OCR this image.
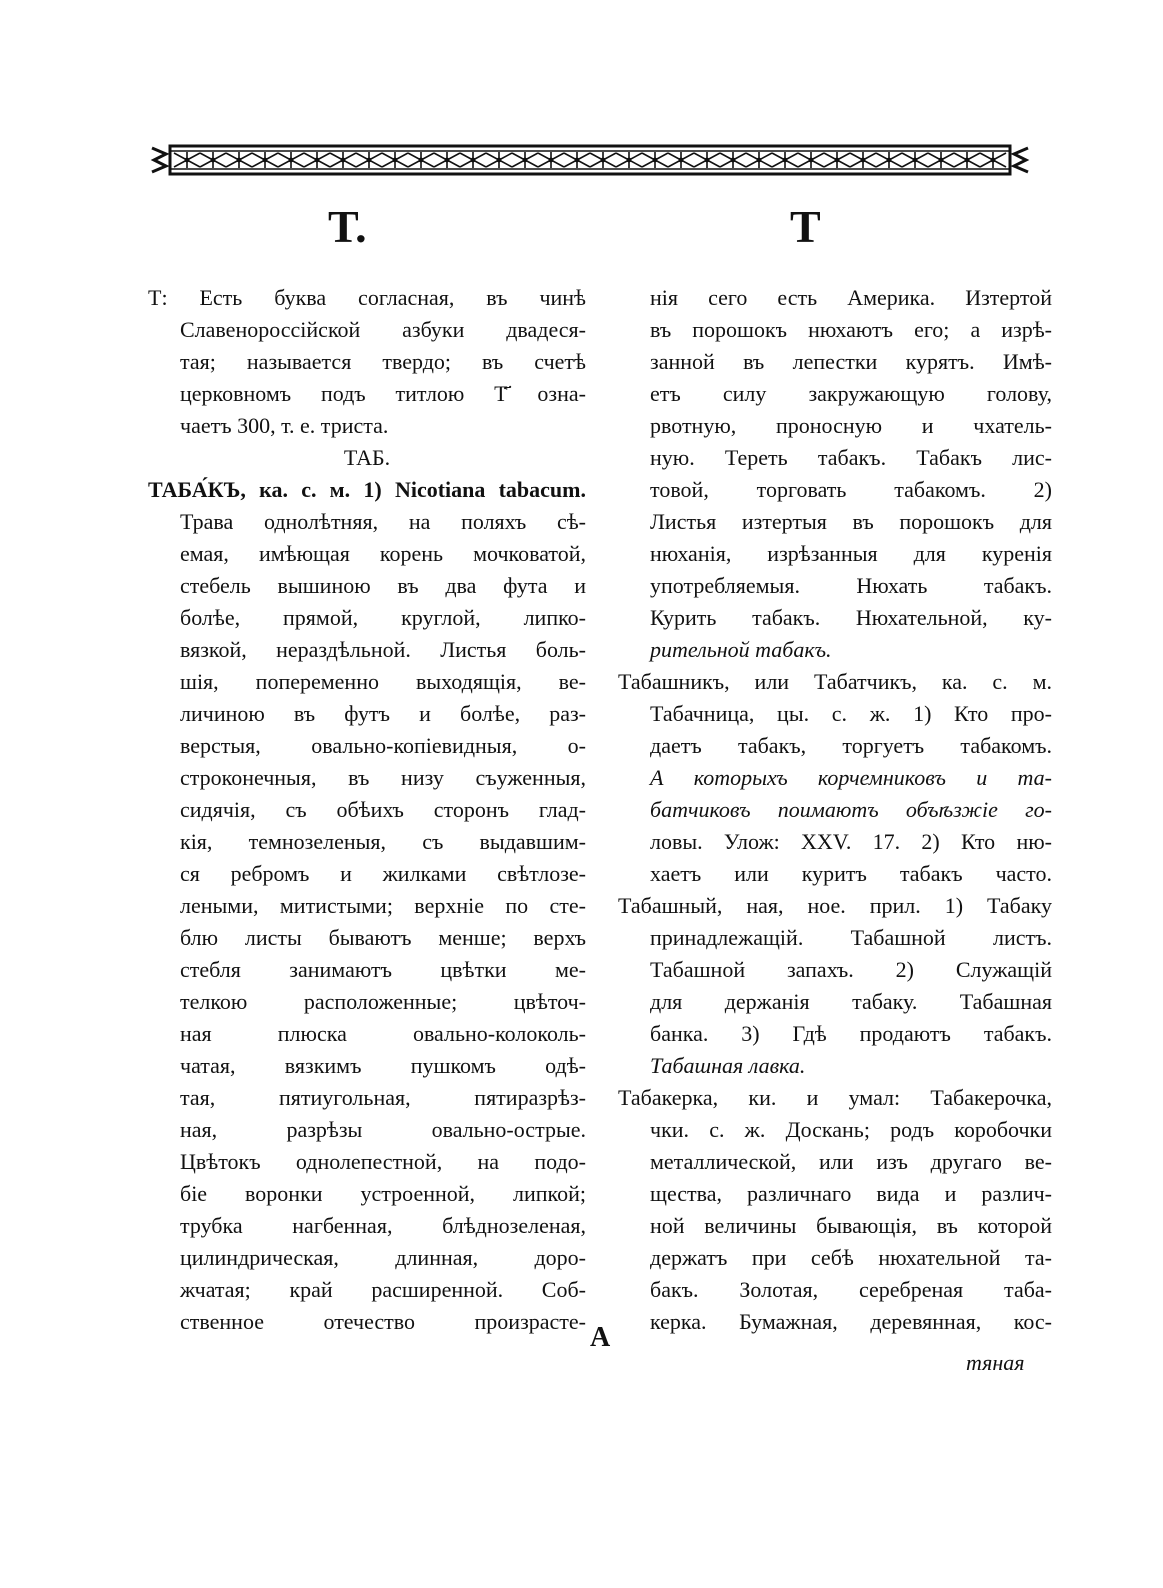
Т.	Т
Т: Есть буква согласная, въ чинѣ
Славенороссійской азбуки двадеся-
тая; называется твердо; въ счетѣ
церковномъ подъ титлою Т҃ озна-
чаетъ 300, т. е. триста.
ТАБ.
ТАБА́КЪ, ка. с. м. 1) Nicotiana tabacum.
Трава однолѣтняя, на поляхъ сѣ-
емая, имѣющая корень мочковатой,
стебель вышиною въ два фута и
болѣе, прямой, круглой, липко-
вязкой, нераздѣльной. Листья боль-
шія, попеременно выходящія, ве-
личиною въ футъ и болѣе, раз-
верстыя, овально-копіевидныя, о-
строконечныя, въ низу съуженныя,
сидячія, съ обѣихъ сторонъ глад-
кія, темнозеленыя, съ выдавшим-
ся ребромъ и жилками свѣтлозе-
леными, митистыми; верхніе по сте-
блю листы бываютъ менше; верхъ
стебля занимаютъ цвѣтки ме-
телкою расположенные; цвѣточ-
ная плюска овально-колоколь-
чатая, вязкимъ пушкомъ одѣ-
тая, пятиугольная, пятиразрѣз-
ная, разрѣзы овально-острые.
Цвѣтокъ однолепестной, на подо-
біе воронки устроенной, липкой;
трубка нагбенная, блѣднозеленая,
цилиндрическая, длинная, доро-
жчатая; край расширенной. Соб-
ственное отечество произрасте-
нія сего есть Америка. Изтертой
въ порошокъ нюхаютъ его; а изрѣ-
занной въ лепестки курятъ. Имѣ-
етъ силу закружающую голову,
рвотную, проносную и чхатель-
ную. Тереть табакъ. Табакъ лис-
товой, торговать табакомъ. 2)
Листья изтертыя въ порошокъ для
нюханія, изрѣзанныя для куренія
употребляемыя. Нюхать табакъ.
Курить табакъ. Нюхательной, ку-
рительной табакъ.
Табашникъ, или Табатчикъ, ка. с. м.
Табачница, цы. с. ж. 1) Кто про-
даетъ табакъ, торгуетъ табакомъ.
А которыхъ корчемниковъ и та-
батчиковъ поимаютъ объѣзжіе го-
ловы. Улож: XXV. 17. 2) Кто ню-
хаетъ или куритъ табакъ часто.
Табашный, ная, ное. прил. 1) Табаку
принадлежащій. Табашной листъ.
Табашной запахъ. 2) Служащій
для держанія табаку. Табашная
банка. 3) Гдѣ продаютъ табакъ.
Табашная лавка.
Табакерка, ки. и умал: Табакерочка,
чки. с. ж. Доскань; родъ коробочки
металлической, или изъ другаго ве-
щества, различнаго вида и различ-
ной величины бывающія, въ которой
держатъ при себѣ нюхательной та-
бакъ. Золотая, серебреная таба-
керка. Бумажная, деревянная, кос-
A
тяная
